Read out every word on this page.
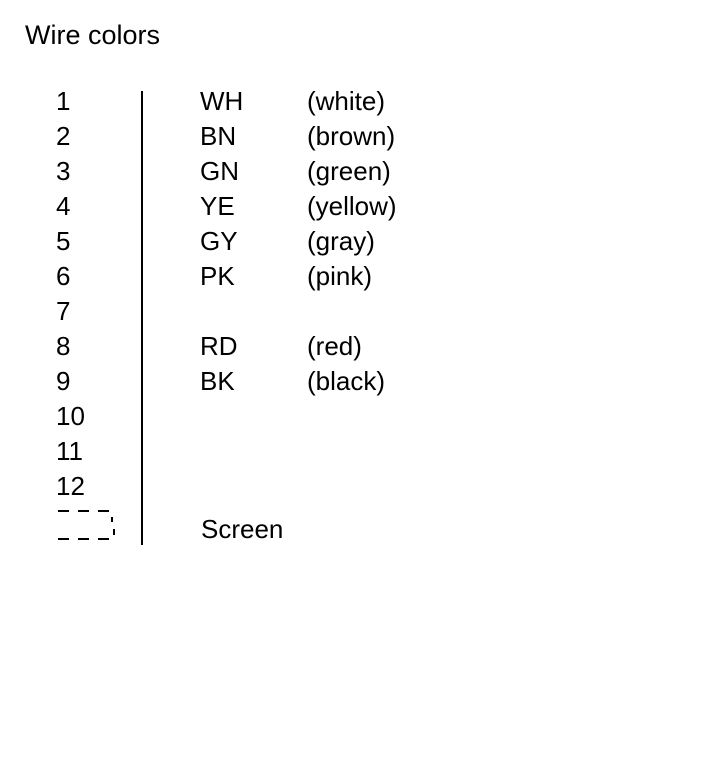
Wire colors
1	WH (white)
2	BN	(brown)
3	GN	(green)
4	YE	(yellow)
5	GY	(gray)
6	PK	(pink)
7
8	RD	(red)
9	BK	(black)
10
11
12
Screen
